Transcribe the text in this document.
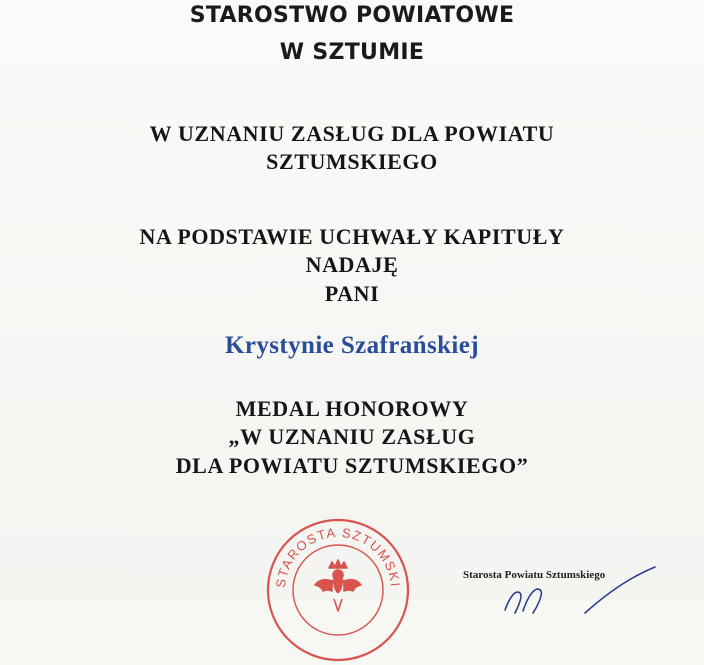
STAROSTWO POWIATOWE
W SZTUMIE
W UZNANIU ZASŁUG DLA POWIATU
SZTUMSKIEGO
NA PODSTAWIE UCHWAŁY KAPITUŁY
NADAJĘ
PANI
Krystynie Szafrańskiej
MEDAL HONOROWY
„W UZNANIU ZASŁUG
DLA POWIATU SZTUMSKIEGO”
STAROSTA SZTUMSKI
Starosta Powiatu Sztumskiego
